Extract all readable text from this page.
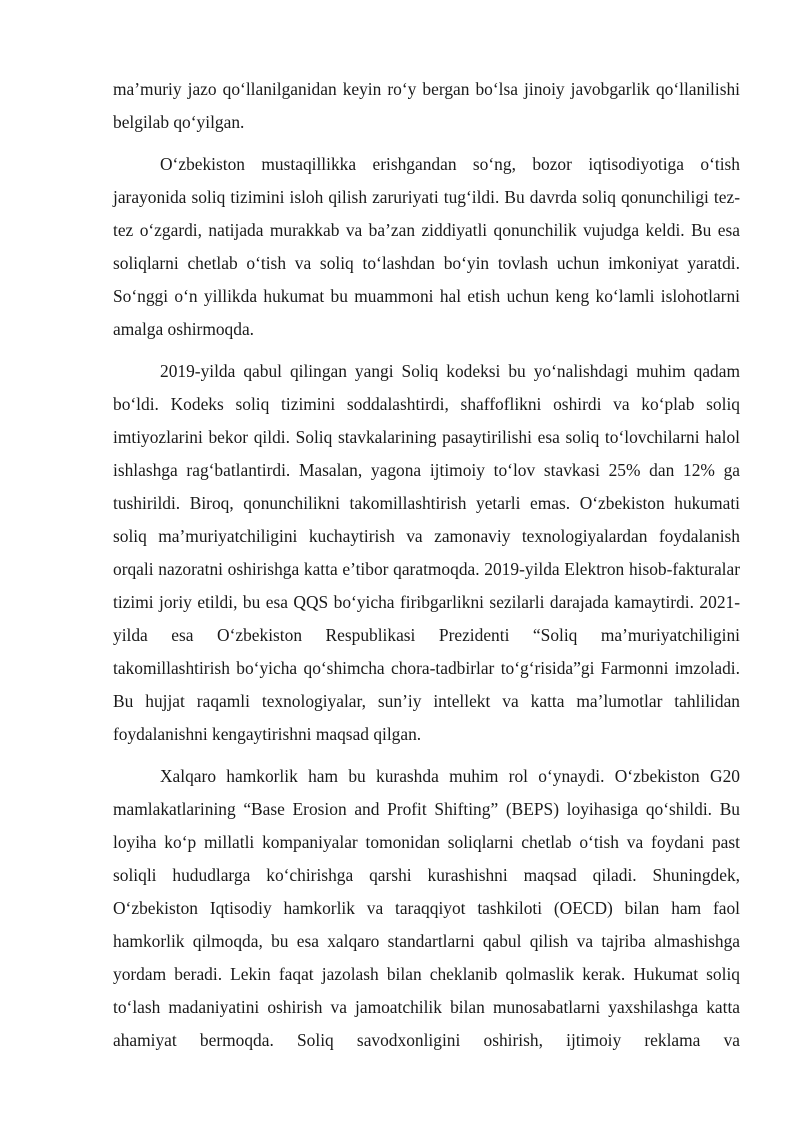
ma’muriy jazo qo‘llanilganidan keyin ro‘y bergan bo‘lsa jinoiy javobgarlik qo‘llanilishi belgilab qo‘yilgan.

O‘zbekiston mustaqillikka erishgandan so‘ng, bozor iqtisodiyotiga o‘tish jarayonida soliq tizimini isloh qilish zaruriyati tug‘ildi. Bu davrda soliq qonunchiligi tez-tez o‘zgardi, natijada murakkab va ba’zan ziddiyatli qonunchilik vujudga keldi. Bu esa soliqlarni chetlab o‘tish va soliq to‘lashdan bo‘yin tovlash uchun imkoniyat yaratdi. So‘nggi o‘n yillikda hukumat bu muammoni hal etish uchun keng ko‘lamli islohotlarni amalga oshirmoqda.

2019-yilda qabul qilingan yangi Soliq kodeksi bu yo‘nalishdagi muhim qadam bo‘ldi. Kodeks soliq tizimini soddalashtirdi, shaffoflikni oshirdi va ko‘plab soliq imtiyozlarini bekor qildi. Soliq stavkalarining pasaytirilishi esa soliq to‘lovchilarni halol ishlashga rag‘batlantirdi. Masalan, yagona ijtimoiy to‘lov stavkasi 25% dan 12% ga tushirildi. Biroq, qonunchilikni takomillashtirish yetarli emas. O‘zbekiston hukumati soliq ma’muriyatchiligini kuchaytirish va zamonaviy texnologiyalardan foydalanish orqali nazoratni oshirishga katta e’tibor qaratmoqda. 2019-yilda Elektron hisob-fakturalar tizimi joriy etildi, bu esa QQS bo‘yicha firibgarlikni sezilarli darajada kamaytirdi. 2021-yilda esa O‘zbekiston Respublikasi Prezidenti “Soliq ma’muriyatchiligini takomillashtirish bo‘yicha qo‘shimcha chora-tadbirlar to‘g‘risida”gi Farmonni imzoladi. Bu hujjat raqamli texnologiyalar, sun’iy intellekt va katta ma’lumotlar tahlilidan foydalanishni kengaytirishni maqsad qilgan.

Xalqaro hamkorlik ham bu kurashda muhim rol o‘ynaydi. O‘zbekiston G20 mamlakatlarining “Base Erosion and Profit Shifting” (BEPS) loyihasiga qo‘shildi. Bu loyiha ko‘p millatli kompaniyalar tomonidan soliqlarni chetlab o‘tish va foydani past soliqli hududlarga ko‘chirishga qarshi kurashishni maqsad qiladi. Shuningdek, O‘zbekiston Iqtisodiy hamkorlik va taraqqiyot tashkiloti (OECD) bilan ham faol hamkorlik qilmoqda, bu esa xalqaro standartlarni qabul qilish va tajriba almashishga yordam beradi. Lekin faqat jazolash bilan cheklanib qolmaslik kerak. Hukumat soliq to‘lash madaniyatini oshirish va jamoatchilik bilan munosabatlarni yaxshilashga katta ahamiyat bermoqda. Soliq savodxonligini oshirish, ijtimoiy reklama va
